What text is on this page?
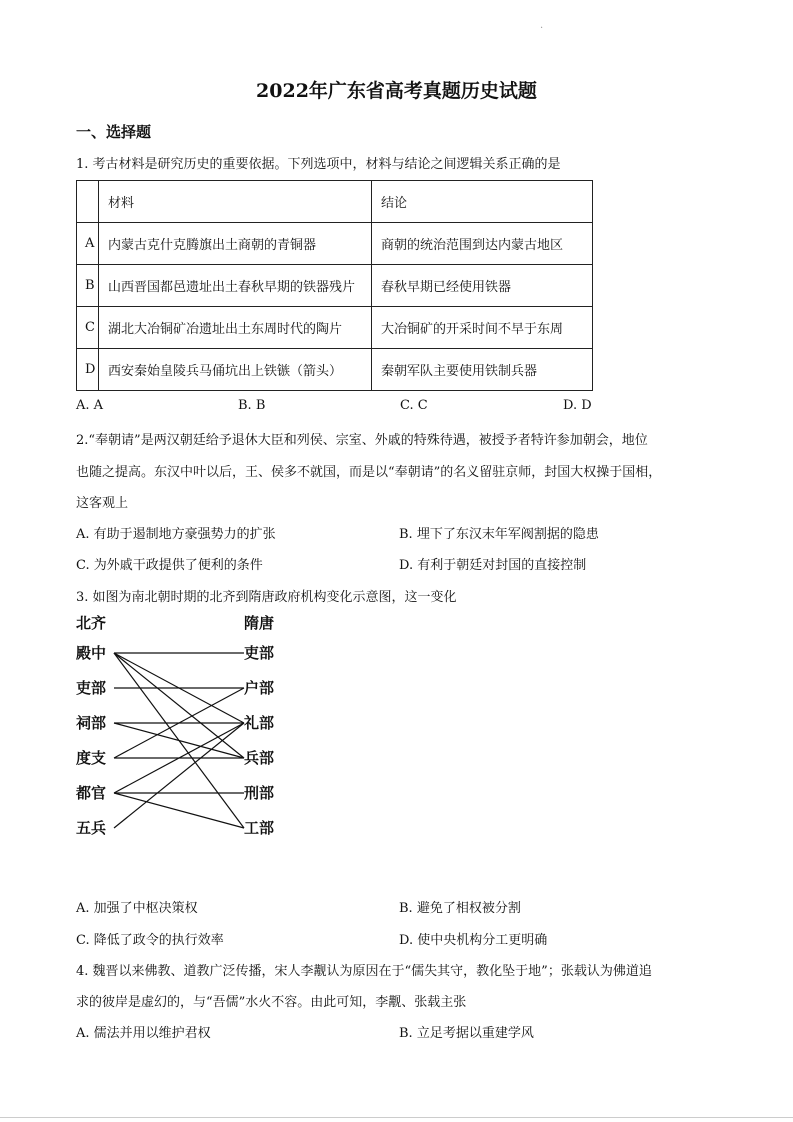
.
2022年广东省高考真题历史试题
一、选择题
1. 考古材料是研究历史的重要依据。下列选项中，材料与结论之间逻辑关系正确的是
	材料	结论
A	内蒙古克什克腾旗出土商朝的青铜器	商朝的统治范围到达内蒙古地区
B	山西晋国都邑遗址出土春秋早期的铁器残片	春秋早期已经使用铁器
C	湖北大冶铜矿冶遗址出土东周时代的陶片	大冶铜矿的开采时间不早于东周
D	西安秦始皇陵兵马俑坑出上铁镞（箭头）	秦朝军队主要使用铁制兵器
A. A	B. B	C. C	D. D
2.“奉朝请”是两汉朝廷给予退休大臣和列侯、宗室、外戚的特殊待遇，被授予者特许参加朝会，地位
也随之提高。东汉中叶以后，王、侯多不就国，而是以“奉朝请”的名义留驻京师，封国大权操于国相，
这客观上
A. 有助于遏制地方豪强势力的扩张	B. 埋下了东汉末年军阀割据的隐患
C. 为外戚干政提供了便利的条件	D. 有利于朝廷对封国的直接控制
3. 如图为南北朝时期的北齐到隋唐政府机构变化示意图，这一变化
北齐	隋唐
殿中
吏部
祠部
度支
都官
五兵
吏部
户部
礼部
兵部
刑部
工部
A. 加强了中枢决策权	B. 避免了相权被分割
C. 降低了政令的执行效率	D. 使中央机构分工更明确
4. 魏晋以来佛教、道教广泛传播，宋人李觏认为原因在于“儒失其守，教化坠于地”；张载认为佛道追
求的彼岸是虚幻的，与“吾儒”水火不容。由此可知，李觏、张载主张
A. 儒法并用以维护君权	B. 立足考据以重建学风
